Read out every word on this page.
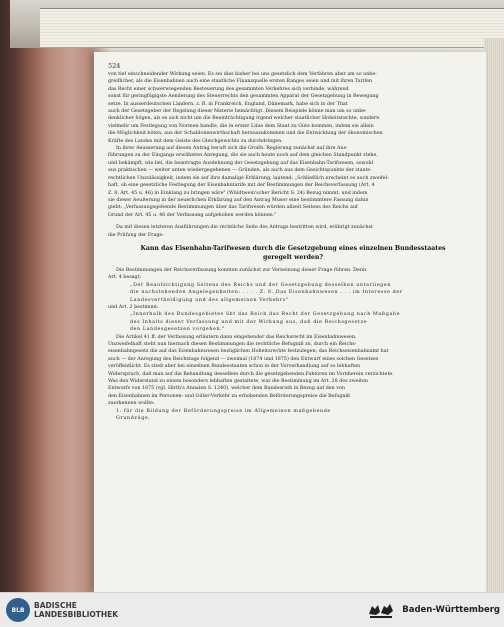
524
von tief einschneidender Wirkung seien. Es sei dies bisher bei uns gesetzlich dem Verfahren aber am so unbe-
greiflicher, als die Eisenbahnen auch eine staatliche Finanzquelle ersten Ranges seien und mit ihren Tarifen
das Recht einer schwerwiegenden Besteuerung des gesammten Verkehres sich verbinde, während
sonst für geringfügigste Aenderung des Steuerrechts den gesammten Apparat der Gesetzgebung in Bewegung
setze. In ausserdeutschen Ländern, z. B. in Frankreich, England, Dänemark, habe sich in der That
auch der Gesetzgeber der Regelung dieser Materie bemächtigt. Diesem Beispiele könne man um so unbe-
denklicher folgen, als es sich nicht um die Beeinträchtigung irgend welcher staatlicher Hoheitsrechte, sondern
vielmehr um Festlegung von Normen handle, die in erster Linie dem Staat zu Gute kommen, indem sie allein
die Möglichkeit böten, aus der Schablonenwirthschaft herauszukommen und die Entwicklung der ökonomischen
Kräfte des Landes mit dem Geiste des Gleichgewichts zu durchdringen.
In ihrer Aeusserung auf diesen Antrag beruft sich die Großh. Regierung zunächst auf ihre Aus-
führungen zu der Eingangs erwähnten Anregung, die sie auch heute noch auf dem gleichen Standpunkt stehe,
und bekämpft, wie bei, die beantragte Ausdehnung der Gesetzgebung auf das Eisenbahn-Tarifwesen, sowohl
aus praktischen — weiter unten wiedergegebenen — Gründen, als auch aus dem Gesichtspunkte der staats-
rechtlichen Unzulässigkeit, indem sie auf ihre damalige Erklärung, lautend: „Schließlich erscheint es auch zweifel-
haft, ob eine gesetzliche Festlegung der Eisenbahntarife mit der Bestimmungen der Reichsverfassung (Art. 4
Z. 8, Art. 45 u. 46) in Einklang zu bringen wäre" (Wüldtwein'scher Bericht S. 24) Bezug nimmt, und indem
sie dieser Aeußerung in der neuerlichen Erklärung auf den Antrag Muser eine bestimmtere Fassung dahin
giebt: „Verfassungsgebende Bestimmungen über das Tarifwesen würden allzeit Seitens des Reichs auf
Grund der Art. 45 u. 46 der Verfassung aufgehoben werden können."
Da mit diesen letzteren Ausführungen die rechtliche Seite des Antrags bestritten wird, erübrigt zunächst
die Prüfung der Frage:
Kann das Eisenbahn-Tarifwesen durch die Gesetzgebung eines einzelnen Bundesstaates
geregelt werden?
Die Bestimmungen der Reichsverfassung konnten zunächst zur Verneinung dieser Frage führen. Denn
Art. 4 besagt:
„Der Beaufsichtigung Seitens des Reichs und der Gesetzgebung desselben unterliegen
die nachstehenden Angelegenheiten: . . . . Z. 8. Das Eisenbahnwesen . . . im Interesse der
Landesvertheidigung und des allgemeinen Verkehrs"
und Art. 2 bestimmt:
„Innerhalb des Bundesgebietes übt das Reich das Recht der Gesetzgebung nach Maßgabe
des Inhalts dieser Verfassung und mit der Wirkung aus, daß die Reichsgesetze
den Landesgesetzen vorgehen."
Die Artikel 41 ff. der Verfassung erläutern dann eingehender das Reichsrecht im Eisenbahnwesen.
Unzweifelhaft steht nun hiernach diesen Bestimmungen die rechtliche Befugniß zu, durch ein Reichs-
eisenbahngesetz die auf das Eisenbahnwesen bezüglichen Hoheitsrechte festzulegen; das Reichseisenbahnamt hat
auch — der Anregung des Reichstags folgend — zweimal (1874 und 1875) den Entwurf eines solchen Gesetzes
veröffentlicht. Es stieß aber bei einzelnen Bundesstaaten schon in der Vorverhandlung auf so lebhaften
Widerspruch, daß man auf die Behandlung desselben durch die gesetzgebenden Faktoren im Vornherein verzichtete.
Was den Widerstand zu einem besonders lebhaften gestaltete, war die Bestimmung im Art. 28 des zweiten
Entwurfs von 1875 (vgl. Hirth's Annalen S. 1240), welcher dem Bundesrath in Bezug auf den von
den Eisenbahnen im Personen- und Güter-Verkehr zu erhebenden Beförderungspreise die Befugniß
zuerkennen wollte:
1. für die Bildung der Beförderungspreise im Allgemeinen maßgebende
Grundzüge,
BLB BADISCHE
LANDESBIBLIOTHEK	Baden-Württemberg
